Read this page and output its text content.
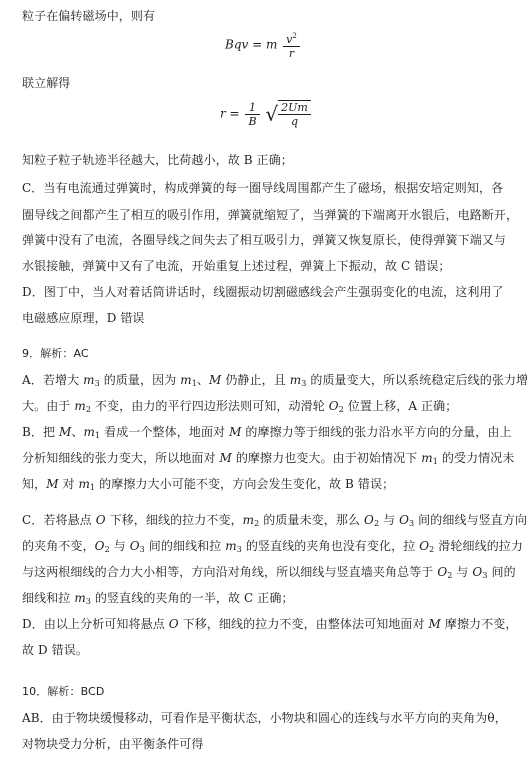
粒子在偏转磁场中，则有
Bqv = m $\frac{v^2}{r}$
联立解得
$r = \frac{1}{B}$ √ $\frac{2Um}{q}$
知粒子粒子轨迹半径越大，比荷越小，故 B 正确；
C．当有电流通过弹簧时，构成弹簧的每一圈导线周围都产生了磁场，根据安培定则知，各
圈导线之间都产生了相互的吸引作用，弹簧就缩短了，当弹簧的下端离开水银后，电路断开，
弹簧中没有了电流，各圈导线之间失去了相互吸引力，弹簧又恢复原长，使得弹簧下端又与
水银接触，弹簧中又有了电流，开始重复上述过程，弹簧上下振动，故 C 错误；
D．图丁中，当人对着话筒讲话时，线圈振动切割磁感线会产生强弱变化的电流，这利用了
电磁感应原理，D 错误
9．解析：AC
A．若增大 m3 的质量，因为 m1、M 仍静止，且 m3 的质量变大，所以系统稳定后线的张力增
大。由于 m2 不变，由力的平行四边形法则可知，动滑轮 O2 位置上移，A 正确；
B．把 M、m1 看成一个整体，地面对 M 的摩擦力等于细线的张力沿水平方向的分量，由上
分析知细线的张力变大，所以地面对 M 的摩擦力也变大。由于初始情况下 m1 的受力情况未
知，M 对 m1 的摩擦力大小可能不变，方向会发生变化，故 B 错误；
C．若将悬点 O 下移，细线的拉力不变，m2 的质量未变，那么 O2 与 O3 间的细线与竖直方向
的夹角不变，O2 与 O3 间的细线和拉 m3 的竖直线的夹角也没有变化，拉 O2 滑轮细线的拉力
与这两根细线的合力大小相等，方向沿对角线，所以细线与竖直墙夹角总等于 O2 与 O3 间的
细线和拉 m3 的竖直线的夹角的一半，故 C 正确；
D．由以上分析可知将悬点 O 下移，细线的拉力不变，由整体法可知地面对 M 摩擦力不变，
故 D 错误。
10．解析：BCD
AB．由于物块缓慢移动，可看作是平衡状态，小物块和圆心的连线与水平方向的夹角为θ，
对物块受力分析，由平衡条件可得
